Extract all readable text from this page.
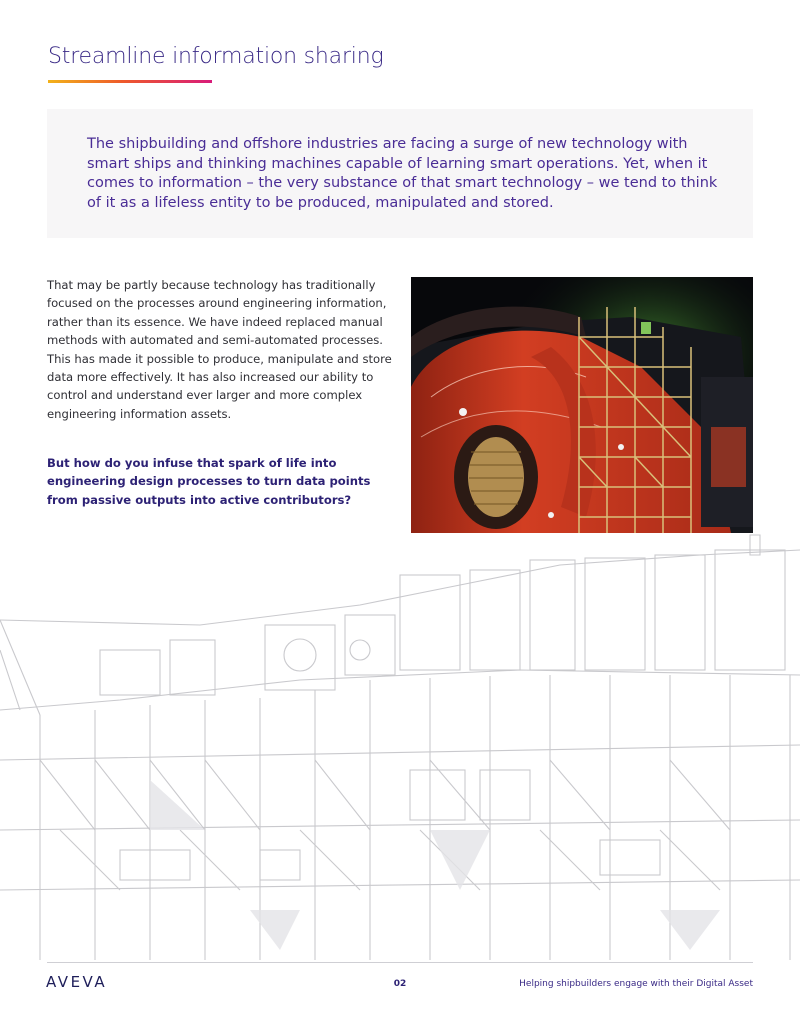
Streamline information sharing

The shipbuilding and offshore industries are facing a surge of new technology with smart ships and thinking machines capable of learning smart operations. Yet, when it comes to information – the very substance of that smart technology – we tend to think of it as a lifeless entity to be produced, manipulated and stored.

That may be partly because technology has traditionally focused on the processes around engineering information, rather than its essence. We have indeed replaced manual methods with automated and semi-automated processes. This has made it possible to produce, manipulate and store data more effectively. It has also increased our ability to control and understand ever larger and more complex engineering information assets.

But how do you infuse that spark of life into engineering design processes to turn data points from passive outputs into active contributors?

AVEVA	02	Helping shipbuilders engage with their Digital Asset
